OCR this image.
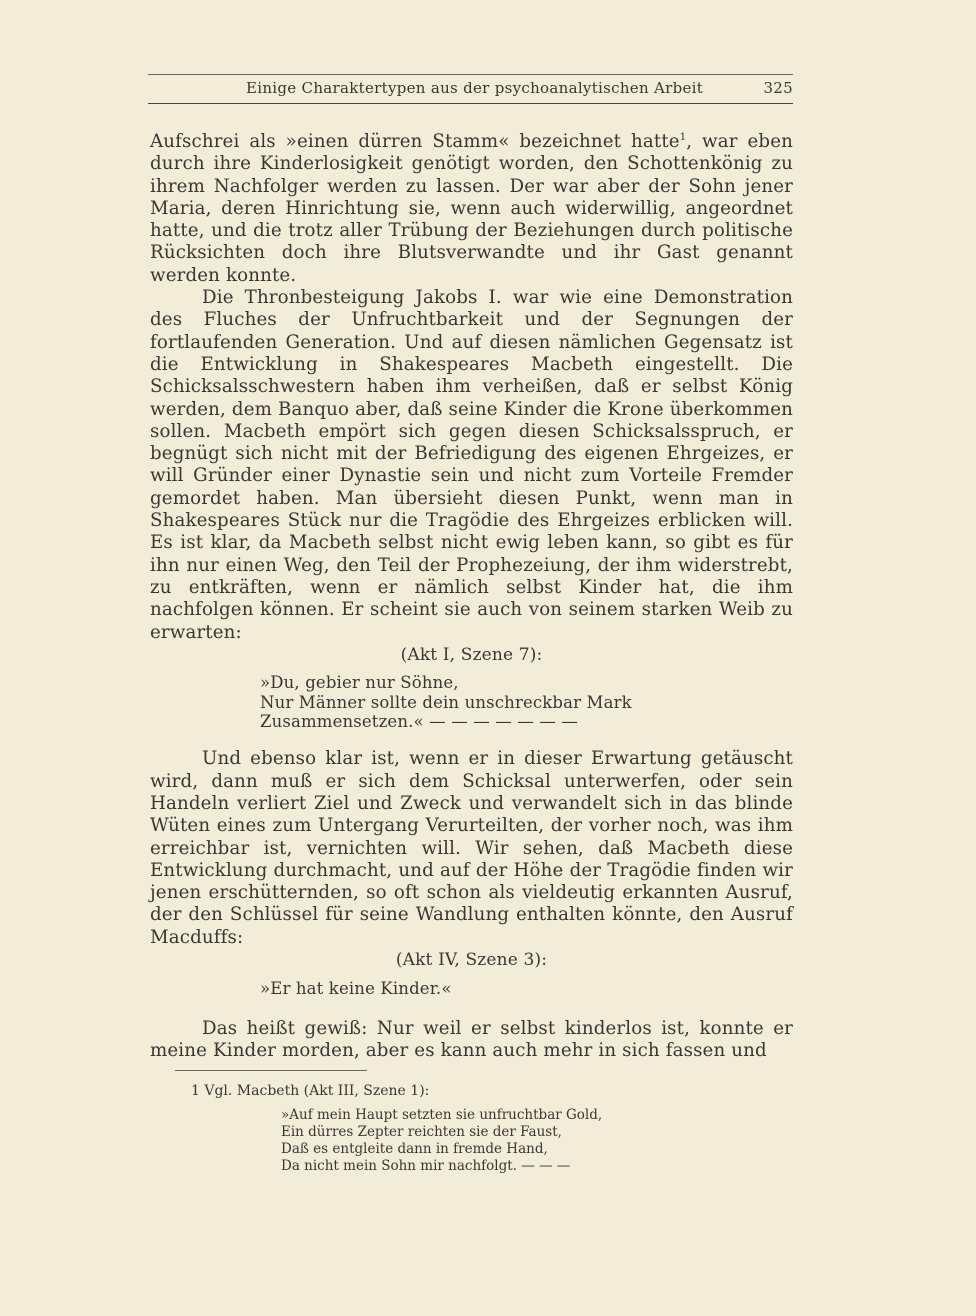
Einige Charaktertypen aus der psychoanalytischen Arbeit	325

Aufschrei als »einen dürren Stamm« bezeichnet hatte$^1$, war eben durch ihre Kinderlosigkeit genötigt worden, den Schottenkönig zu ihrem Nachfolger werden zu lassen. Der war aber der Sohn jener Maria, deren Hinrichtung sie, wenn auch widerwillig, angeordnet hatte, und die trotz aller Trübung der Beziehungen durch politische Rücksichten doch ihre Blutsverwandte und ihr Gast genannt werden konnte.

Die Thronbesteigung Jakobs I. war wie eine Demonstration des Fluches der Unfruchtbarkeit und der Segnungen der fortlaufenden Generation. Und auf diesen nämlichen Gegensatz ist die Entwicklung in Shakespeares Macbeth eingestellt. Die Schicksalsschwestern haben ihm verheißen, daß er selbst König werden, dem Banquo aber, daß seine Kinder die Krone überkommen sollen. Macbeth empört sich gegen diesen Schicksalsspruch, er begnügt sich nicht mit der Befriedigung des eigenen Ehrgeizes, er will Gründer einer Dynastie sein und nicht zum Vorteile Fremder gemordet haben. Man übersieht diesen Punkt, wenn man in Shakespeares Stück nur die Tragödie des Ehrgeizes erblicken will. Es ist klar, da Macbeth selbst nicht ewig leben kann, so gibt es für ihn nur einen Weg, den Teil der Prophezeiung, der ihm widerstrebt, zu entkräften, wenn er nämlich selbst Kinder hat, die ihm nachfolgen können. Er scheint sie auch von seinem starken Weib zu erwarten:

(Akt I, Szene 7):

»Du, gebier nur Söhne,
Nur Männer sollte dein unschreckbar Mark
Zusammensetzen.« — — — — — — —

Und ebenso klar ist, wenn er in dieser Erwartung getäuscht wird, dann muß er sich dem Schicksal unterwerfen, oder sein Handeln verliert Ziel und Zweck und verwandelt sich in das blinde Wüten eines zum Untergang Verurteilten, der vorher noch, was ihm erreichbar ist, vernichten will. Wir sehen, daß Macbeth diese Entwicklung durchmacht, und auf der Höhe der Tragödie finden wir jenen erschütternden, so oft schon als vieldeutig erkannten Ausruf, der den Schlüssel für seine Wandlung enthalten könnte, den Ausruf Macduffs:

(Akt IV, Szene 3):

»Er hat keine Kinder.«

Das heißt gewiß: Nur weil er selbst kinderlos ist, konnte er meine Kinder morden, aber es kann auch mehr in sich fassen und

1 Vgl. Macbeth (Akt III, Szene 1):
»Auf mein Haupt setzten sie unfruchtbar Gold,
Ein dürres Zepter reichten sie der Faust,
Daß es entgleite dann in fremde Hand,
Da nicht mein Sohn mir nachfolgt. — — —
